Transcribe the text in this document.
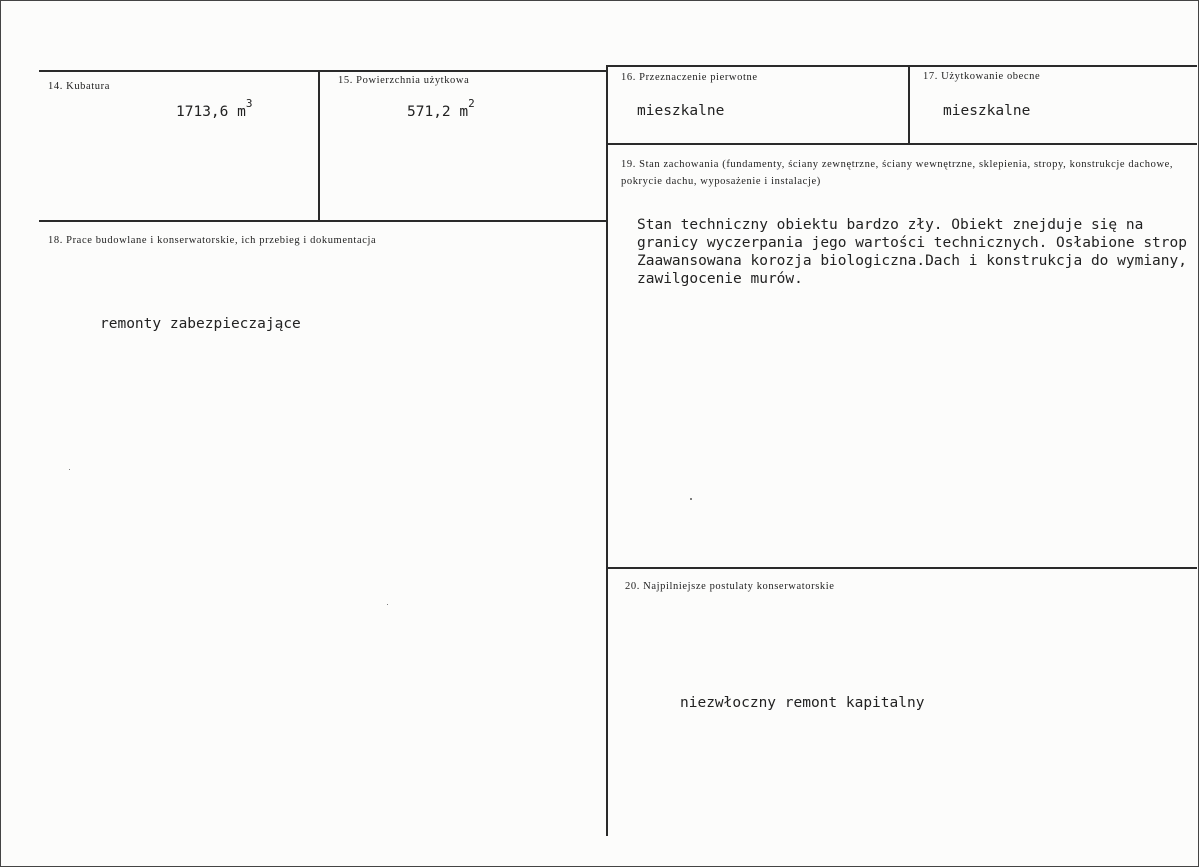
14. Kubatura
1713,6 $m^3$
15. Powierzchnia użytkowa
571,2 $m^2$
16. Przeznaczenie pierwotne
mieszkalne
17. Użytkowanie obecne
mieszkalne
19. Stan zachowania (fundamenty, ściany zewnętrzne, ściany wewnętrzne, sklepienia, stropy, konstrukcje dachowe, pokrycie dachu, wyposażenie i instalacje)
Stan techniczny obiektu bardzo zły. Obiekt znejduje się na
granicy wyczerpania jego wartości technicznych. Osłabione strop
Zaawansowana korozja biologiczna.Dach i konstrukcja do wymiany,
zawilgocenie murów.
18. Prace budowlane i konserwatorskie, ich przebieg i dokumentacja
remonty zabezpieczające
20. Najpilniejsze postulaty konserwatorskie
niezwłoczny remont kapitalny
